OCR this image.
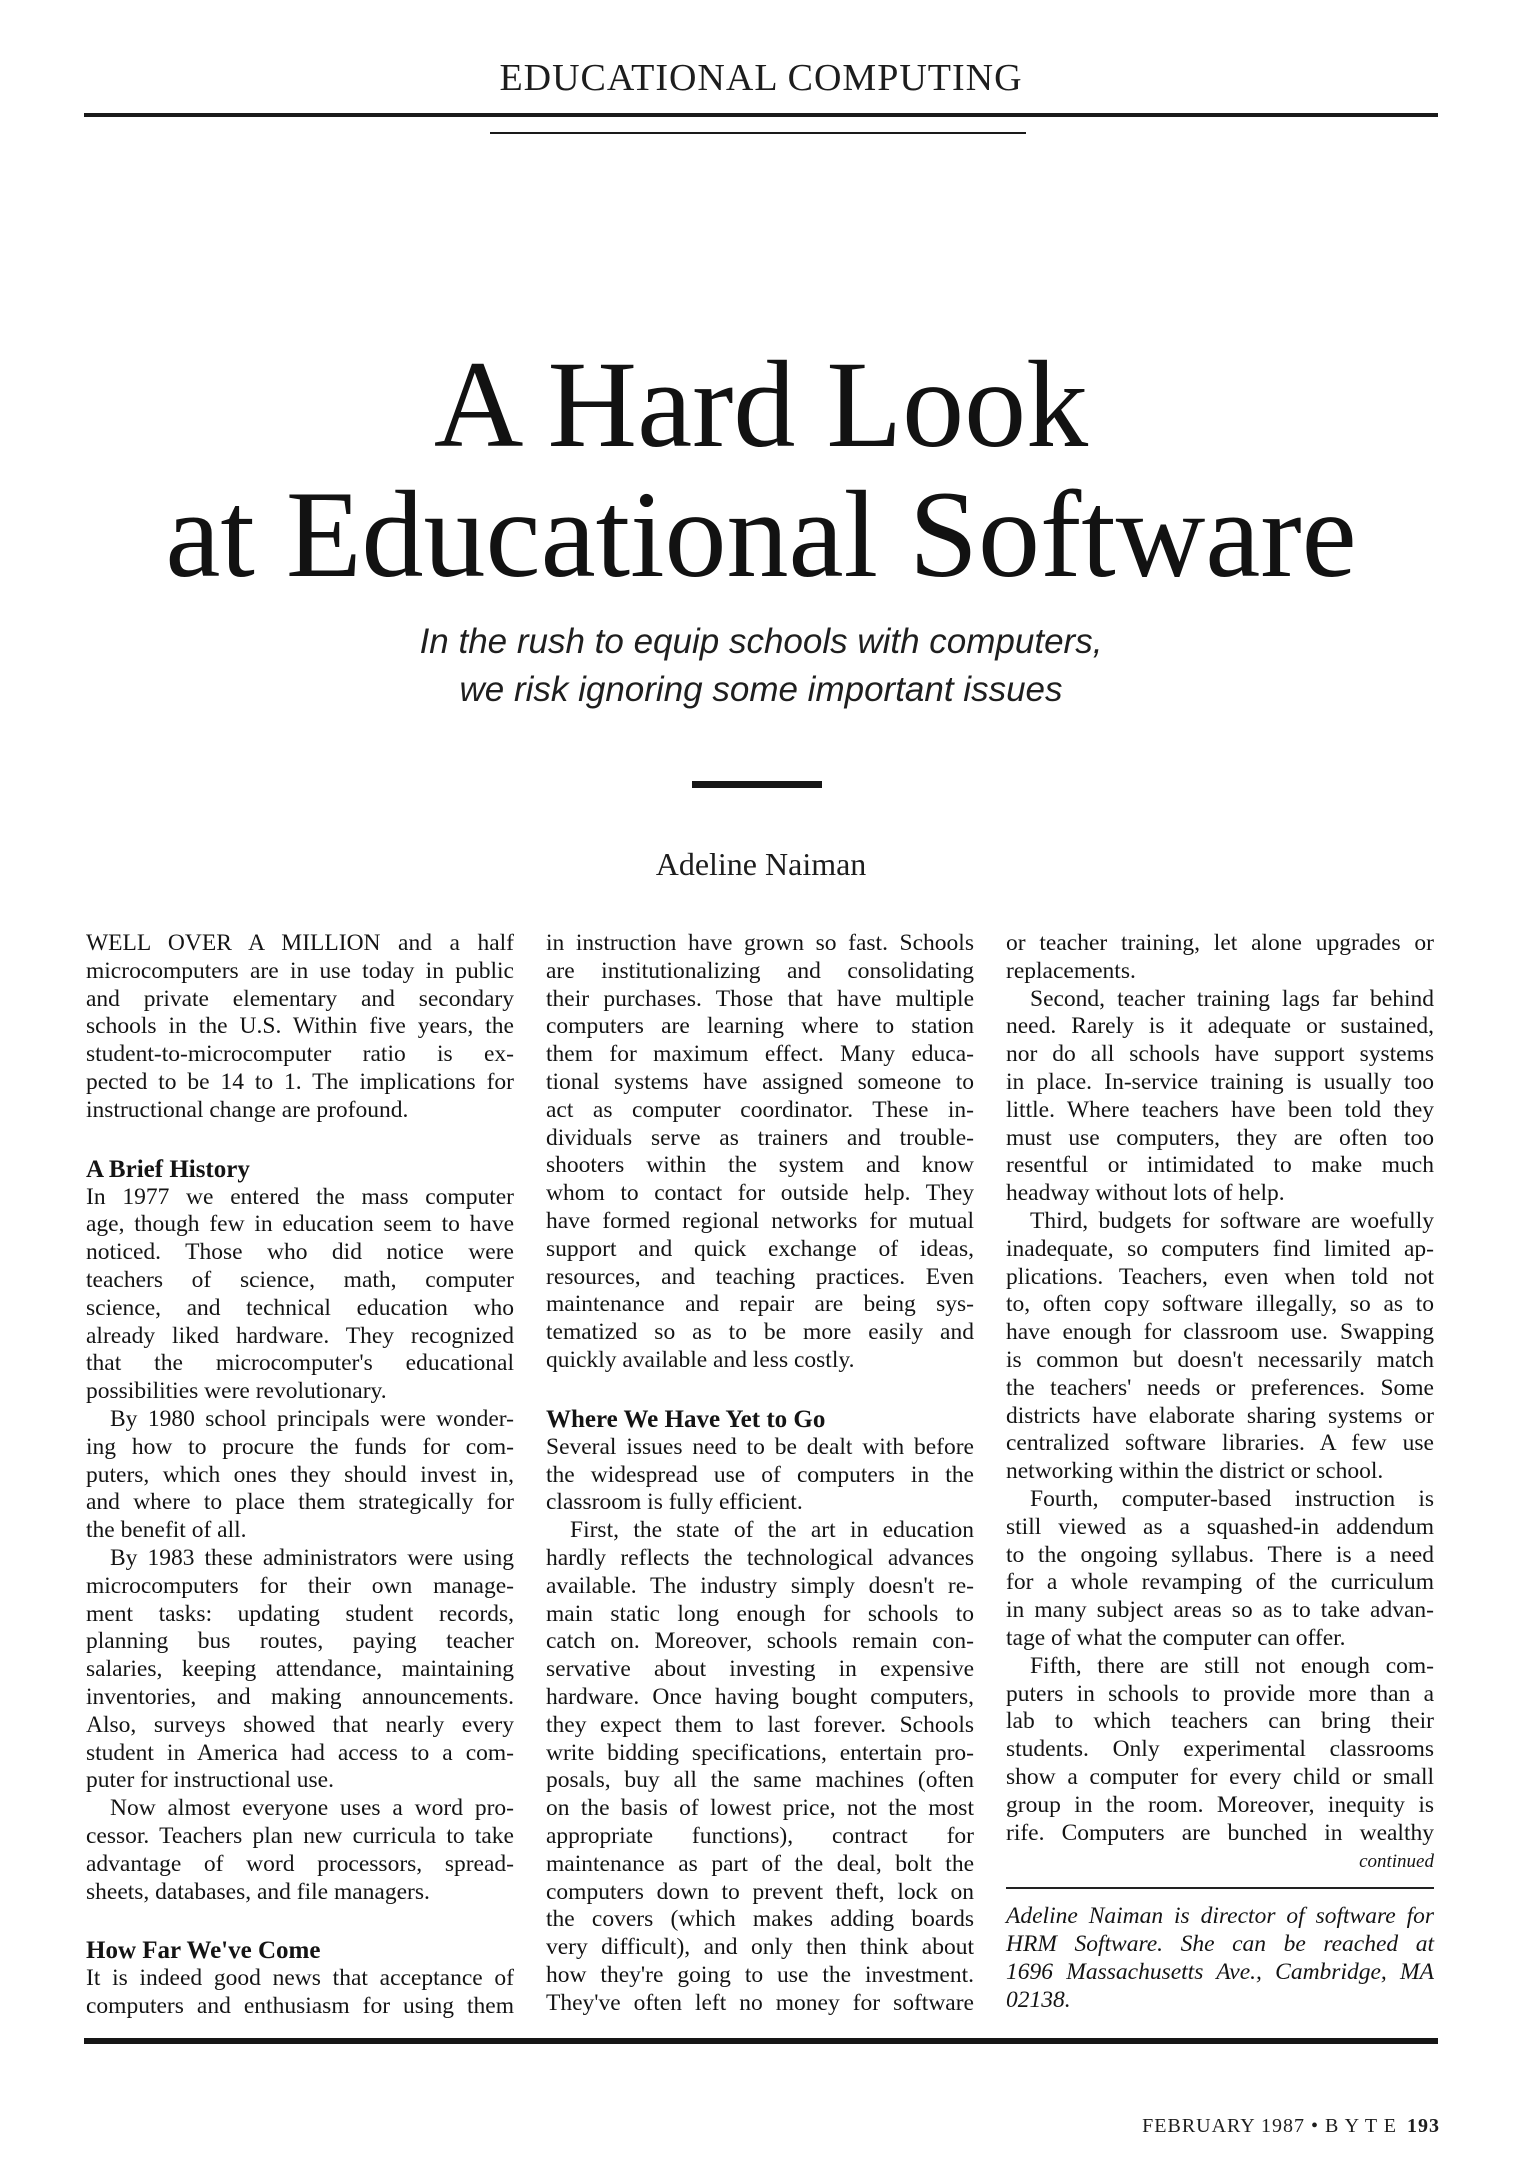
EDUCATIONAL COMPUTING
A Hard Look
at Educational Software
In the rush to equip schools with computers,
we risk ignoring some important issues
Adeline Naiman
WELL OVER A MILLION and a half
microcomputers are in use today in public
and private elementary and secondary
schools in the U.S. Within five years, the
student-to-microcomputer ratio is ex-
pected to be 14 to 1. The implications for
instructional change are profound.
A Brief History
In 1977 we entered the mass computer
age, though few in education seem to have
noticed. Those who did notice were
teachers of science, math, computer
science, and technical education who
already liked hardware. They recognized
that the microcomputer's educational
possibilities were revolutionary.
By 1980 school principals were wonder-
ing how to procure the funds for com-
puters, which ones they should invest in,
and where to place them strategically for
the benefit of all.
By 1983 these administrators were using
microcomputers for their own manage-
ment tasks: updating student records,
planning bus routes, paying teacher
salaries, keeping attendance, maintaining
inventories, and making announcements.
Also, surveys showed that nearly every
student in America had access to a com-
puter for instructional use.
Now almost everyone uses a word pro-
cessor. Teachers plan new curricula to take
advantage of word processors, spread-
sheets, databases, and file managers.
How Far We've Come
It is indeed good news that acceptance of
computers and enthusiasm for using them
in instruction have grown so fast. Schools
are institutionalizing and consolidating
their purchases. Those that have multiple
computers are learning where to station
them for maximum effect. Many educa-
tional systems have assigned someone to
act as computer coordinator. These in-
dividuals serve as trainers and trouble-
shooters within the system and know
whom to contact for outside help. They
have formed regional networks for mutual
support and quick exchange of ideas,
resources, and teaching practices. Even
maintenance and repair are being sys-
tematized so as to be more easily and
quickly available and less costly.
Where We Have Yet to Go
Several issues need to be dealt with before
the widespread use of computers in the
classroom is fully efficient.
First, the state of the art in education
hardly reflects the technological advances
available. The industry simply doesn't re-
main static long enough for schools to
catch on. Moreover, schools remain con-
servative about investing in expensive
hardware. Once having bought computers,
they expect them to last forever. Schools
write bidding specifications, entertain pro-
posals, buy all the same machines (often
on the basis of lowest price, not the most
appropriate functions), contract for
maintenance as part of the deal, bolt the
computers down to prevent theft, lock on
the covers (which makes adding boards
very difficult), and only then think about
how they're going to use the investment.
They've often left no money for software
or teacher training, let alone upgrades or
replacements.
Second, teacher training lags far behind
need. Rarely is it adequate or sustained,
nor do all schools have support systems
in place. In-service training is usually too
little. Where teachers have been told they
must use computers, they are often too
resentful or intimidated to make much
headway without lots of help.
Third, budgets for software are woefully
inadequate, so computers find limited ap-
plications. Teachers, even when told not
to, often copy software illegally, so as to
have enough for classroom use. Swapping
is common but doesn't necessarily match
the teachers' needs or preferences. Some
districts have elaborate sharing systems or
centralized software libraries. A few use
networking within the district or school.
Fourth, computer-based instruction is
still viewed as a squashed-in addendum
to the ongoing syllabus. There is a need
for a whole revamping of the curriculum
in many subject areas so as to take advan-
tage of what the computer can offer.
Fifth, there are still not enough com-
puters in schools to provide more than a
lab to which teachers can bring their
students. Only experimental classrooms
show a computer for every child or small
group in the room. Moreover, inequity is
rife. Computers are bunched in wealthy
continued
Adeline Naiman is director of software for
HRM Software. She can be reached at
1696 Massachusetts Ave., Cambridge, MA
02138.
FEBRUARY 1987 • B Y T E 193
